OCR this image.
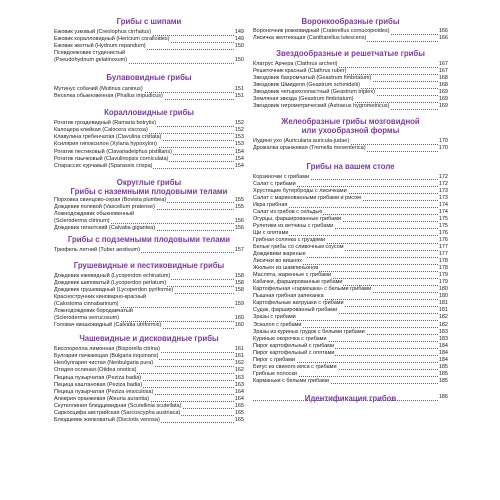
Грибы с шипами
Ежовик узковый (Creolophus cirrhatus)	149
Ежовик коралловидный (Hericium coralloides)	149
Ежовик желтый (Hydnum repandum)	150
Псевдоежовик студенистый
(Pseudohydnum gelatinosum)	150
Булавовидные грибы
Мутинус собачий (Mutinus caninus)	151
Веселка обыкновенная (Phallus impudicus)	151
Коралловидные грибы
Рогатик гроздевидный (Ramaria botrytis)	152
Калоцера клейкая (Calocera viscosa)	152
Клавулина гребенчатая (Clavulina cristata)	153
Ксилярия гипоксилон (Xylaria hypoxylon)	153
Рогатик пестиковый (Clavariadelphus pistillaris)	154
Рогатик язычковый (Clavulinopsis corniculata)	154
Спарассис курчавый (Sparassis crispa)	154
Округлые грибы
Грибы с наземными плодовыми телами
Порховка свинцово-серая (Bovista plumbea)	155
Дождевик полевой (Vascellum pratense)	155
Ложнодождевик обыкновенный
(Scleroderma citrinum)	156
Дождевик гигантский (Calvatia gigantea)	156
Грибы с подземными плодовыми телами
Трюфель летний (Tuber aestivum)	157
Грушевидные и пестиковидные грибы
Дождевик ежевидный (Lycoperdon echinatum)	158
Дождевик шиповатый (Lycoperdon perlatum)	158
Дождевик грушевидный (Lycoperdon pyriforme)	158
Краснострунник киноварно-красный
(Calostoma cinnabarinum)	159
Ложнодождевик бородавчатый
(Scleroderma verrucosum)	160
Головач мешковидный (Calvatia utriformis)	160
Чашевидные и дисковидные грибы
Бисспорелла лимонная (Bisporella citrina)	161
Булгария пачкающая (Bulgaria inquinans)	161
Необулгария чистая (Neobulgaria pura)	162
Отидея ослиная (Otidea onotica)	162
Пецица пузырчатая (Peziza badia)	163
Пецица каштановая (Peziza badia)	163
Пецица пузырчатая (Peziza vesiculosa)	164
Алеврия оранжевая (Aleuria aurantia)	164
Скутеллиния блюдцевидная (Scutellinia scutellata)	165
Саркосцифа австрийская (Sarcoscypha austriaca)	165
Блюдцевик жилковатый (Disciotis venosa)	165
Воронкообразные грибы
Вороночник рожковидный (Craterellus cornucopioides)	166
Лисичка желтеющая (Cantharellus lutescens)	166
Звездообразные и решетчатые грибы
Клатрус Арчера (Clathrus archeri)	167
Решеточник красный (Clathrus ruber)	167
Звездовик бахромчатый (Geastrum fimbriatum)	168
Звездовик Шмиделя (Geastrum schmidelii)	168
Звездовик четырехлопастный (Geastrum triplex)	169
Земляная звезда (Geastrum fimbriatum)	169
Звездовик гигрометрический (Astraeus hygrometricus)	169
Желеобразные грибы мозговидной
или ухообразной формы
Иудино ухо (Auricularia auricula-judae)	170
Дрожалка оранжевая (Tremella mesenterica)	170
Грибы на вашем столе
Корзиночки с грибами	172
Салат с грибами	172
Хрустящие бутерброды с лисичками	173
Салат с маринованными грибами и рисом	173
Икра грибная	174
Салат из грибов с сельдью	174
Огурцы, фаршированные грибами	175
Рулетики из ветчины с грибами	175
Щи с опятами	176
Грибная солянка с груздями	176
Белые грибы со сливочным соусом	177
Дождевики жареные	177
Лисички во вишнях	178
Жюльен из шампиньонов	178
Маслята, жаренные с грибами	179
Кабачки, фаршированные грибами	179
Картофельная «гармошка» с белыми грибами	180
Пышная грибная запеканка	180
Картофельные ватрушки с грибами	181
Судак, фаршированный грибами	181
Зразы с грибами	182
Эскалоп с грибами	182
Зразы из куриных грудок с белыми грибами	183
Куриные окорочка с грибами	183
Пирог картофельный с грибами	184
Пирог картофельный с опятами	184
Пирог с грибами	184
Бигус из свиного мяса с грибами	185
Грибные полоски	185
Карманьки с белыми грибами	185
Идентификация грибов	186
